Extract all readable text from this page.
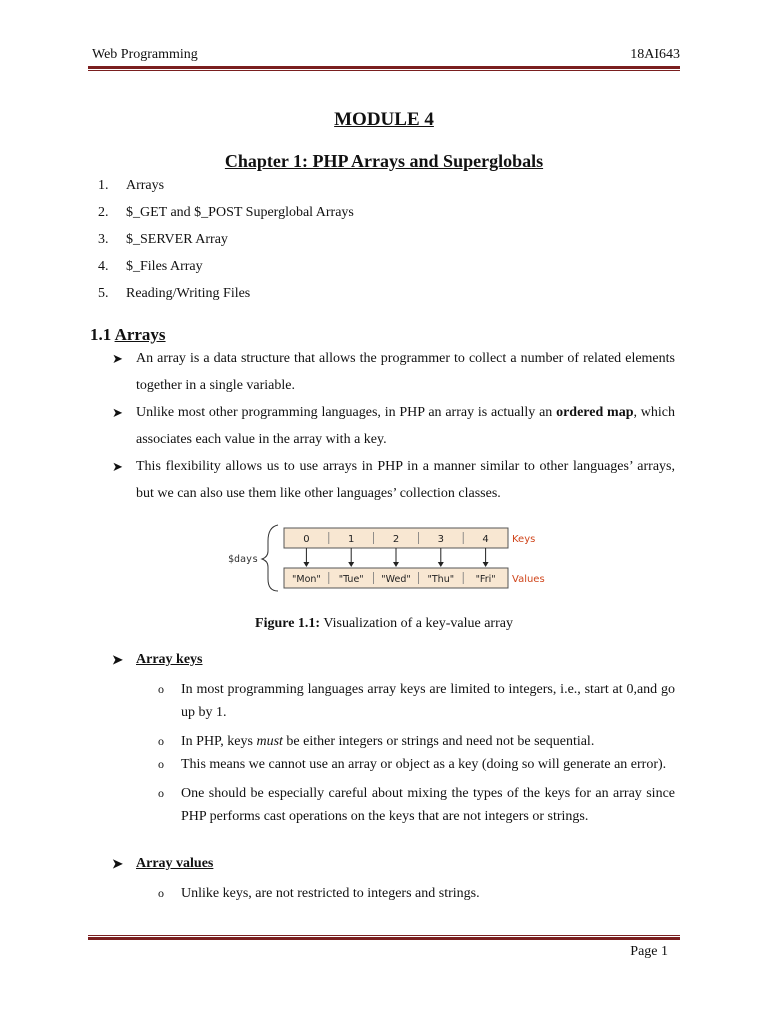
Web Programming	18AI643
MODULE 4
Chapter 1: PHP Arrays and Superglobals
1.	Arrays
2.	$_GET and $_POST Superglobal Arrays
3.	$_SERVER Array
4.	$_Files Array
5.	Reading/Writing Files
1.1 Arrays
➤ An array is a data structure that allows the programmer to collect a number of related elements together in a single variable.
➤ Unlike most other programming languages, in PHP an array is actually an ordered map, which associates each value in the array with a key.
➤ This flexibility allows us to use arrays in PHP in a manner similar to other languages’ arrays, but we can also use them like other languages’ collection classes.
$days
0
"Mon"
1
"Tue"
2
"Wed"
3
"Thu"
4
"Fri"
Keys
Values
Figure 1.1: Visualization of a key-value array
➤ Array keys
o	In most programming languages array keys are limited to integers, i.e., start at 0,and go up by 1.
o	In PHP, keys must be either integers or strings and need not be sequential.
o	This means we cannot use an array or object as a key (doing so will generate an error).
o	One should be especially careful about mixing the types of the keys for an array since PHP performs cast operations on the keys that are not integers or strings.
➤ Array values
o	Unlike keys, are not restricted to integers and strings.
Page 1
